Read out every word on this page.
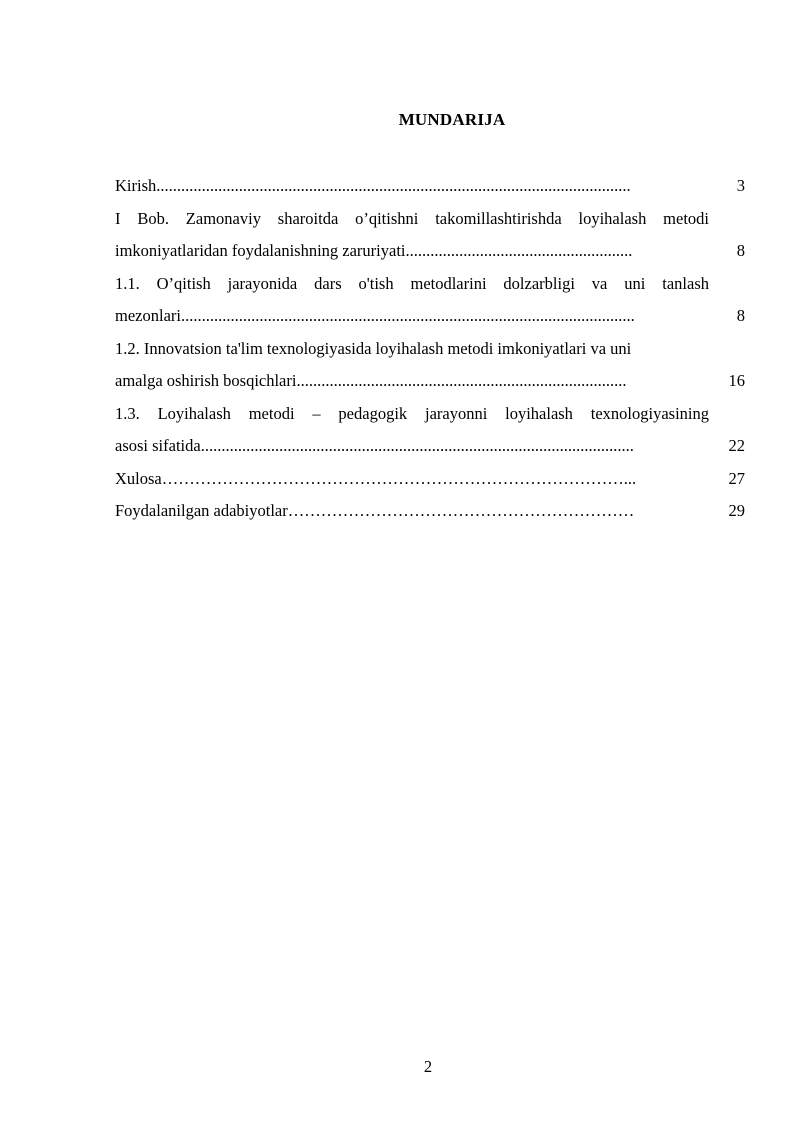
MUNDARIJA
Kirish...................................................................................................................	3
I Bob. Zamonaviy sharoitda o’qitishni takomillashtirishda loyihalash metodi
imkoniyatlaridan foydalanishning zaruriyati.......................................................	8
1.1. O’qitish jarayonida dars o'tish metodlarini dolzarbligi va uni tanlash
mezonlari..............................................................................................................	8
1.2. Innovatsion ta'lim texnologiyasida loyihalash metodi imkoniyatlari va uni
amalga oshirish bosqichlari................................................................................	16
1.3. Loyihalash metodi – pedagogik jarayonni loyihalash texnologiyasining
asosi sifatida.........................................................................................................	22
Xulosa…………………………………………………………………………...	27
Foydalanilgan adabiyotlar………………………………………………………	29
2
